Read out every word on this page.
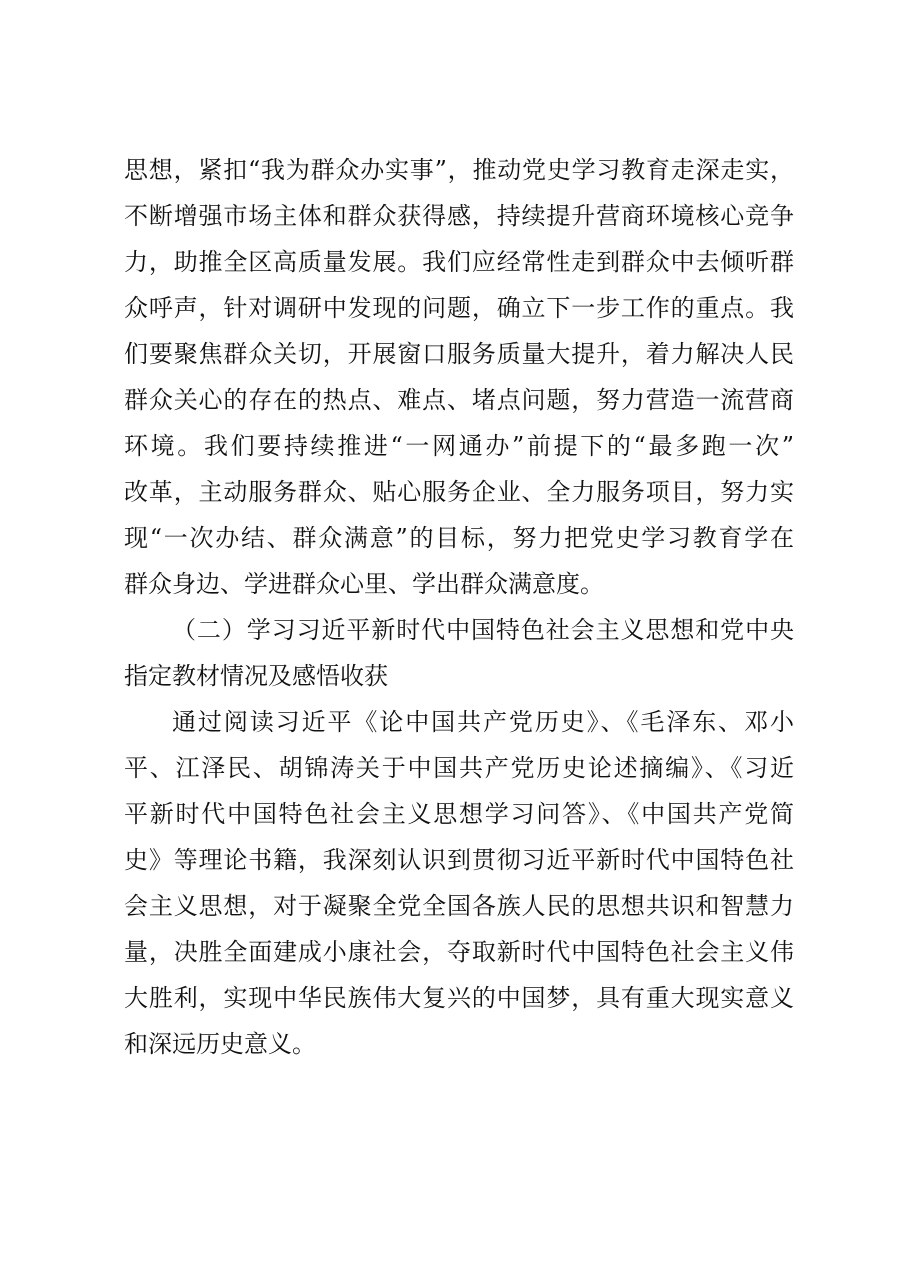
思想，紧扣“我为群众办实事”，推动党史学习教育走深走实，
不断增强市场主体和群众获得感，持续提升营商环境核心竞争
力，助推全区高质量发展。我们应经常性走到群众中去倾听群
众呼声，针对调研中发现的问题，确立下一步工作的重点。我
们要聚焦群众关切，开展窗口服务质量大提升，着力解决人民
群众关心的存在的热点、难点、堵点问题，努力营造一流营商
环境。我们要持续推进“一网通办”前提下的“最多跑一次”
改革，主动服务群众、贴心服务企业、全力服务项目，努力实
现“一次办结、群众满意”的目标，努力把党史学习教育学在
群众身边、学进群众心里、学出群众满意度。
（二）学习习近平新时代中国特色社会主义思想和党中央
指定教材情况及感悟收获
通过阅读习近平《论中国共产党历史》、《毛泽东、邓小
平、江泽民、胡锦涛关于中国共产党历史论述摘编》、《习近
平新时代中国特色社会主义思想学习问答》、《中国共产党简
史》等理论书籍，我深刻认识到贯彻习近平新时代中国特色社
会主义思想，对于凝聚全党全国各族人民的思想共识和智慧力
量，决胜全面建成小康社会，夺取新时代中国特色社会主义伟
大胜利，实现中华民族伟大复兴的中国梦，具有重大现实意义
和深远历史意义。
